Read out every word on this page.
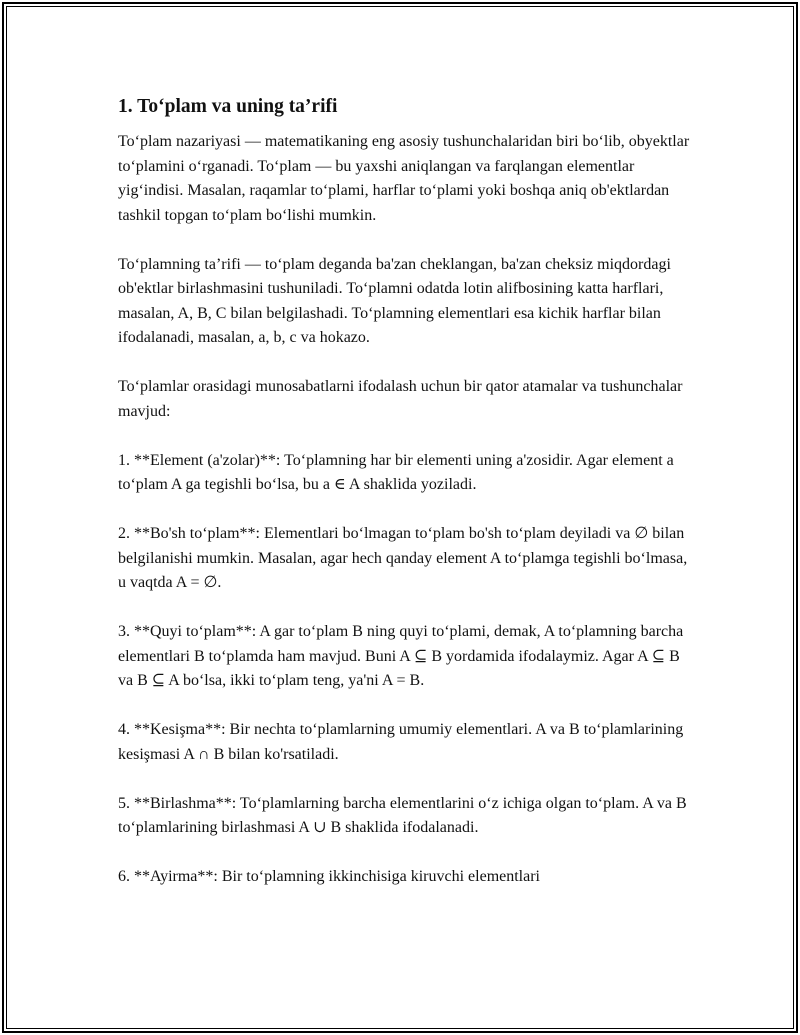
1. To‘plam va uning ta’rifi

To‘plam nazariyasi — matematikaning eng asosiy tushunchalaridan biri bo‘lib, obyektlar to‘plamini o‘rganadi. To‘plam — bu yaxshi aniqlangan va farqlangan elementlar yig‘indisi. Masalan, raqamlar to‘plami, harflar to‘plami yoki boshqa aniq ob'ektlardan tashkil topgan to‘plam bo‘lishi mumkin.

To‘plamning ta’rifi — to‘plam deganda ba'zan cheklangan, ba'zan cheksiz miqdordagi ob'ektlar birlashmasini tushuniladi. To‘plamni odatda lotin alifbosining katta harflari, masalan, A, B, C bilan belgilashadi. To‘plamning elementlari esa kichik harflar bilan ifodalanadi, masalan, a, b, c va hokazo.

To‘plamlar orasidagi munosabatlarni ifodalash uchun bir qator atamalar va tushunchalar mavjud:

1. **Element (a'zolar)**: To‘plamning har bir elementi uning a'zosidir. Agar element a to‘plam A ga tegishli bo‘lsa, bu a ∈ A shaklida yoziladi.

2. **Bo'sh to‘plam**: Elementlari bo‘lmagan to‘plam bo'sh to‘plam deyiladi va ∅ bilan belgilanishi mumkin. Masalan, agar hech qanday element A to‘plamga tegishli bo‘lmasa, u vaqtda A = ∅.

3. **Quyi to‘plam**: A gar to‘plam B ning quyi to‘plami, demak, A to‘plamning barcha elementlari B to‘plamda ham mavjud. Buni A ⊆ B yordamida ifodalaymiz. Agar A ⊆ B va B ⊆ A bo‘lsa, ikki to‘plam teng, ya'ni A = B.

4. **Kesişma**: Bir nechta to‘plamlarning umumiy elementlari. A va B to‘plamlarining kesişmasi A ∩ B bilan ko'rsatiladi.

5. **Birlashma**: To‘plamlarning barcha elementlarini o‘z ichiga olgan to‘plam. A va B to‘plamlarining birlashmasi A ∪ B shaklida ifodalanadi.

6. **Ayirma**: Bir to‘plamning ikkinchisiga kiruvchi elementlari
